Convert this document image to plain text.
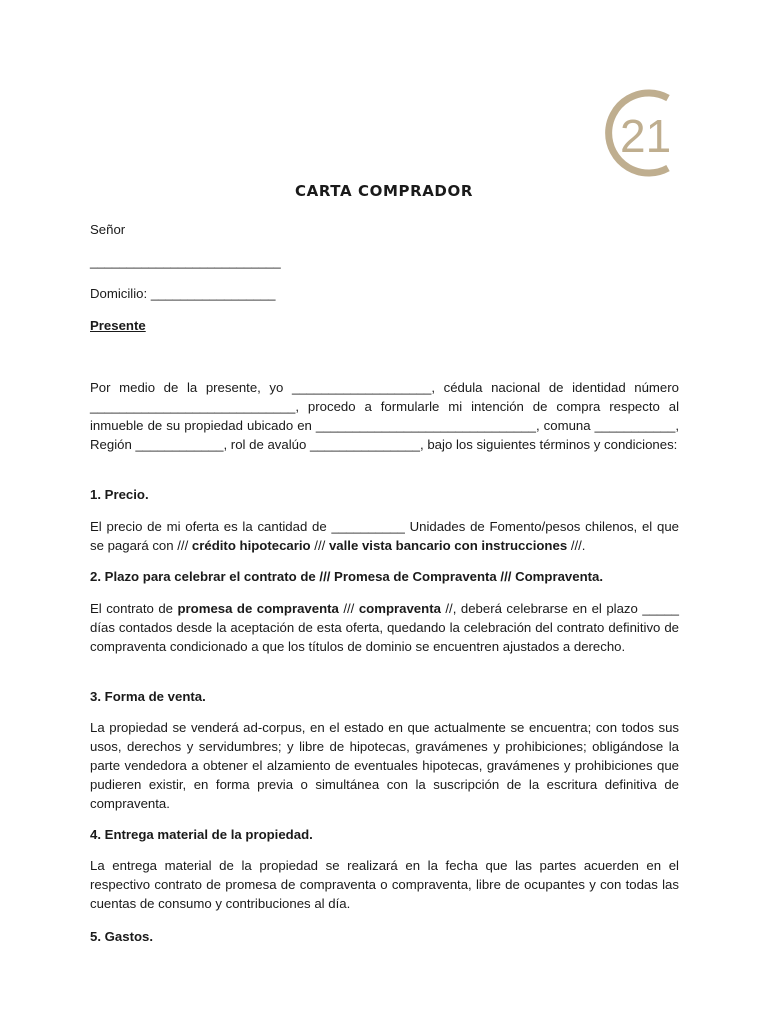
21
CARTA COMPRADOR
Señor
__________________________
Domicilio: _________________
Presente
Por medio de la presente, yo ___________________, cédula nacional de identidad número ____________________________, procedo a formularle mi intención de compra respecto al inmueble de su propiedad ubicado en ______________________________, comuna ___________, Región ____________, rol de avalúo _______________, bajo los siguientes términos y condiciones:
1. Precio.
El precio de mi oferta es la cantidad de __________ Unidades de Fomento/pesos chilenos, el que se pagará con /// crédito hipotecario /// valle vista bancario con instrucciones ///.
2. Plazo para celebrar el contrato de /// Promesa de Compraventa /// Compraventa.
El contrato de promesa de compraventa /// compraventa //, deberá celebrarse en el plazo _____ días contados desde la aceptación de esta oferta, quedando la celebración del contrato definitivo de compraventa condicionado a que los títulos de dominio se encuentren ajustados a derecho.
3. Forma de venta.
La propiedad se venderá ad-corpus, en el estado en que actualmente se encuentra; con todos sus usos, derechos y servidumbres; y libre de hipotecas, gravámenes y prohibiciones; obligándose la parte vendedora a obtener el alzamiento de eventuales hipotecas, gravámenes y prohibiciones que pudieren existir, en forma previa o simultánea con la suscripción de la escritura definitiva de compraventa.
4. Entrega material de la propiedad.
La entrega material de la propiedad se realizará en la fecha que las partes acuerden en el respectivo contrato de promesa de compraventa o compraventa, libre de ocupantes y con todas las cuentas de consumo y contribuciones al día.
5. Gastos.
